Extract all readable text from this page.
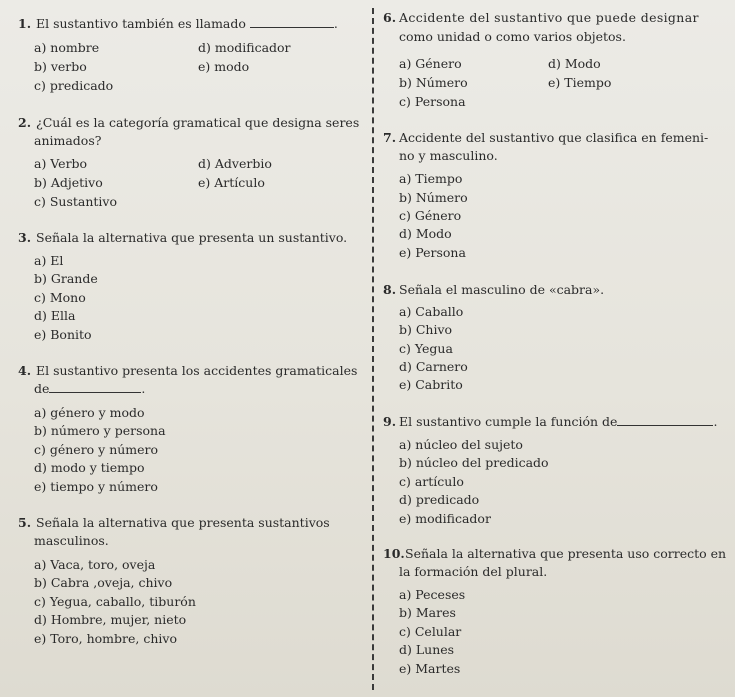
1. El sustantivo también es llamado	.
a) nombre	d) modificador
b) verbo	e) modo
c) predicado
2. ¿Cuál es la categoría gramatical que designa seres
animados?
a) Verbo	d) Adverbio
b) Adjetivo	e) Artículo
c) Sustantivo
3. Señala la alternativa que presenta un sustantivo.
a) El
b) Grande
c) Mono
d) Ella
e) Bonito
4. El sustantivo presenta los accidentes gramaticales
de	.
a) género y modo
b) número y persona
c) género y número
d) modo y tiempo
e) tiempo y número
5. Señala la alternativa que presenta sustantivos
masculinos.
a) Vaca, toro, oveja
b) Cabra ,oveja, chivo
c) Yegua, caballo, tiburón
d) Hombre, mujer, nieto
e) Toro, hombre, chivo
6. Accidente del sustantivo que puede designar
como unidad o como varios objetos.
a) Género	d) Modo
b) Número	e) Tiempo
c) Persona
7. Accidente del sustantivo que clasifica en femeni-
no y masculino.
a) Tiempo
b) Número
c) Género
d) Modo
e) Persona
8. Señala el masculino de «cabra».
a) Caballo
b) Chivo
c) Yegua
d) Carnero
e) Cabrito
9. El sustantivo cumple la función de	.
a) núcleo del sujeto
b) núcleo del predicado
c) artículo
d) predicado
e) modificador
10. Señala la alternativa que presenta uso correcto en
la formación del plural.
a) Peceses
b) Mares
c) Celular
d) Lunes
e) Martes
